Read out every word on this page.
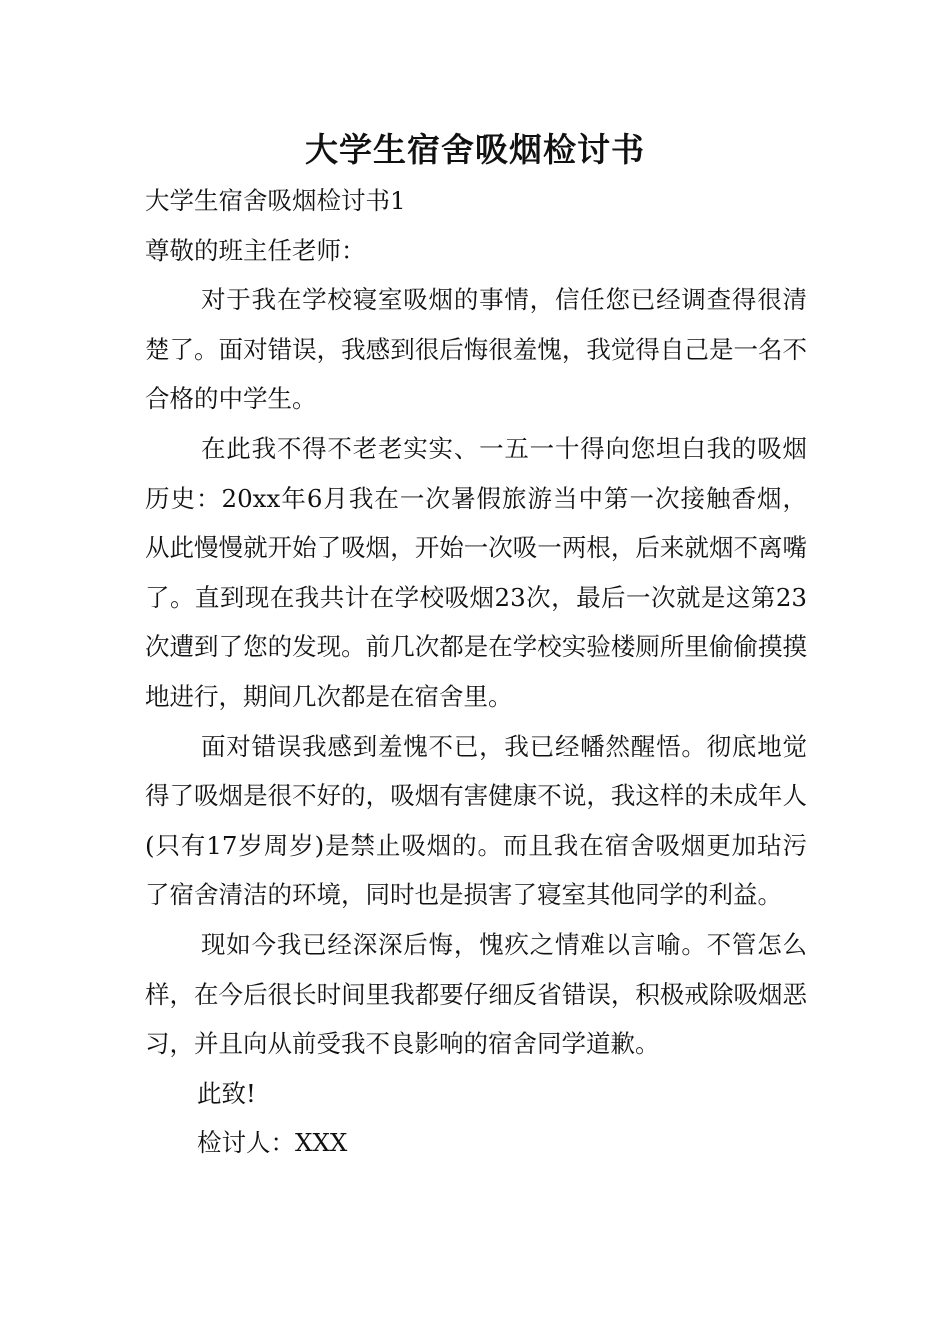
大学生宿舍吸烟检讨书

大学生宿舍吸烟检讨书1

尊敬的班主任老师：

对于我在学校寝室吸烟的事情，信任您已经调查得很清楚了。面对错误，我感到很后悔很羞愧，我觉得自己是一名不合格的中学生。

在此我不得不老老实实、一五一十得向您坦白我的吸烟历史：20xx年6月我在一次暑假旅游当中第一次接触香烟，从此慢慢就开始了吸烟，开始一次吸一两根，后来就烟不离嘴了。直到现在我共计在学校吸烟23次，最后一次就是这第23次遭到了您的发现。前几次都是在学校实验楼厕所里偷偷摸摸地进行，期间几次都是在宿舍里。

面对错误我感到羞愧不已，我已经幡然醒悟。彻底地觉得了吸烟是很不好的，吸烟有害健康不说，我这样的未成年人(只有17岁周岁)是禁止吸烟的。而且我在宿舍吸烟更加玷污了宿舍清洁的环境，同时也是损害了寝室其他同学的利益。

现如今我已经深深后悔，愧疚之情难以言喻。不管怎么样，在今后很长时间里我都要仔细反省错误，积极戒除吸烟恶习，并且向从前受我不良影响的宿舍同学道歉。

此致!

检讨人：XXX
